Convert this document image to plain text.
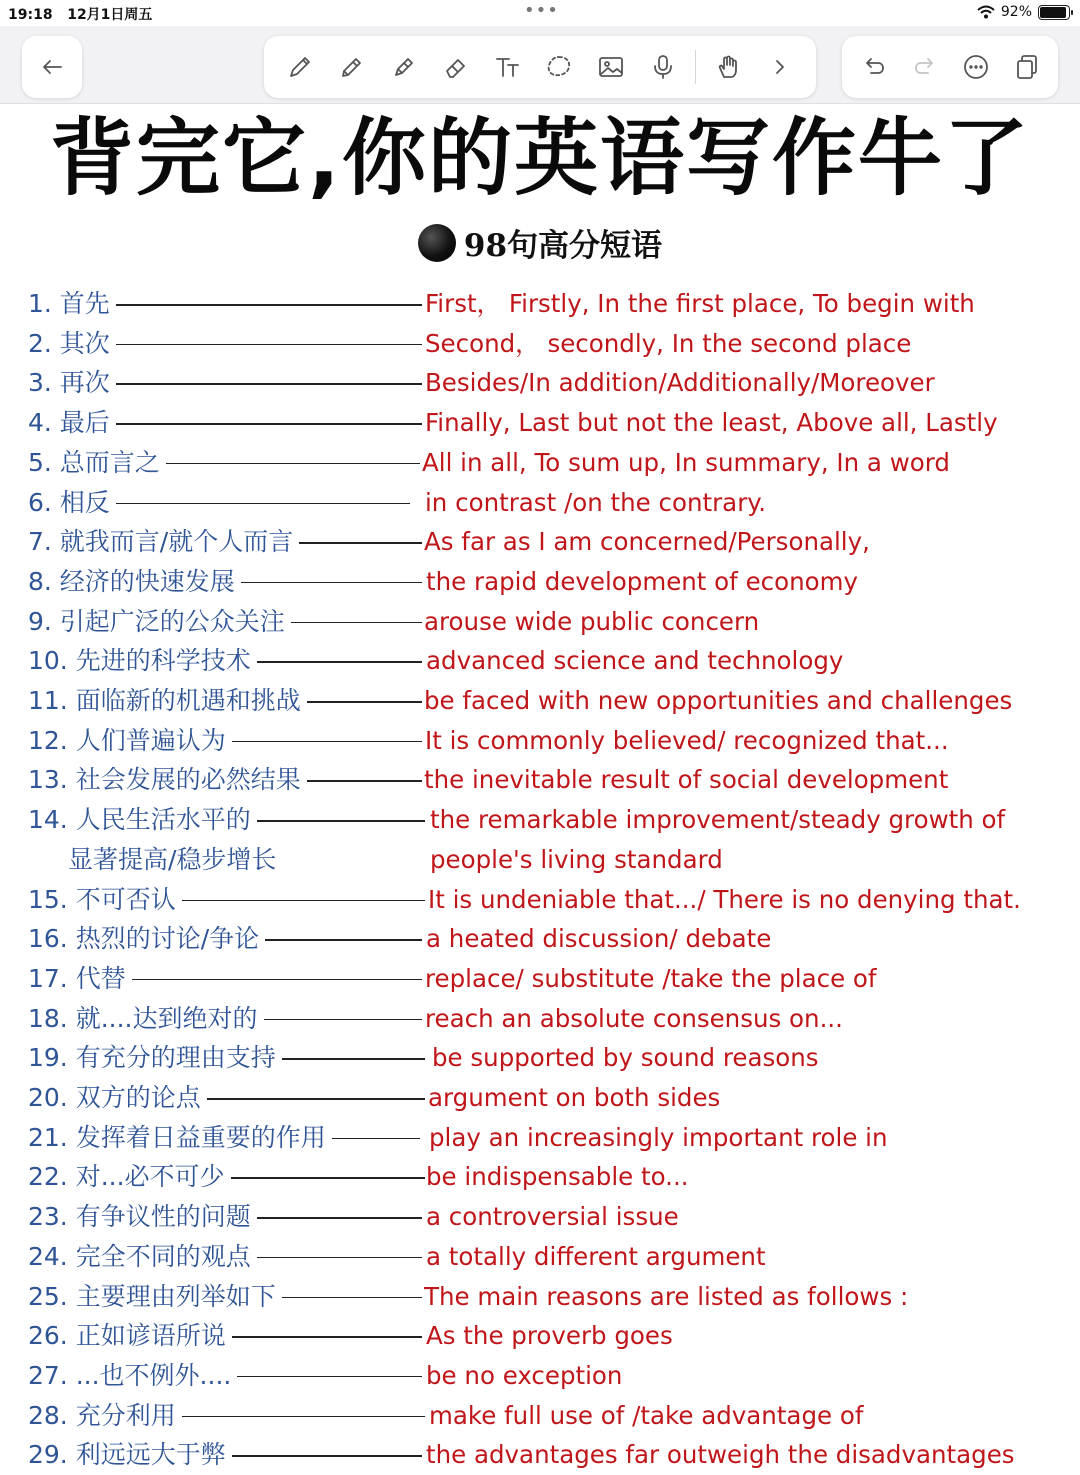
19:18 12月1日周五	•••	92%
背完它,你的英语写作牛了
98句高分短语
1. 首先	First， Firstly, In the first place, To begin with
2. 其次	Second， secondly, In the second place
3. 再次	Besides/In addition/Additionally/Moreover
4. 最后	Finally, Last but not the least, Above all, Lastly
5. 总而言之	All in all, To sum up, In summary, In a word
6. 相反	in contrast /on the contrary.
7. 就我而言/就个人而言	As far as I am concerned/Personally,
8. 经济的快速发展	the rapid development of economy
9. 引起广泛的公众关注	arouse wide public concern
10. 先进的科学技术	advanced science and technology
11. 面临新的机遇和挑战	be faced with new opportunities and challenges
12. 人们普遍认为	It is commonly believed/ recognized that...
13. 社会发展的必然结果	the inevitable result of social development
14. 人民生活水平的	the remarkable improvement/steady growth of
显著提高/稳步增长	people's living standard
15. 不可否认	It is undeniable that.../ There is no denying that.
16. 热烈的讨论/争论	a heated discussion/ debate
17. 代替	replace/ substitute /take the place of
18. 就....达到绝对的	reach an absolute consensus on...
19. 有充分的理由支持	be supported by sound reasons
20. 双方的论点	argument on both sides
21. 发挥着日益重要的作用	play an increasingly important role in
22. 对...必不可少	be indispensable to...
23. 有争议性的问题	a controversial issue
24. 完全不同的观点	a totally different argument
25. 主要理由列举如下	The main reasons are listed as follows :
26. 正如谚语所说	As the proverb goes
27. ...也不例外....	be no exception
28. 充分利用	make full use of /take advantage of
29. 利远远大于弊	the advantages far outweigh the disadvantages
